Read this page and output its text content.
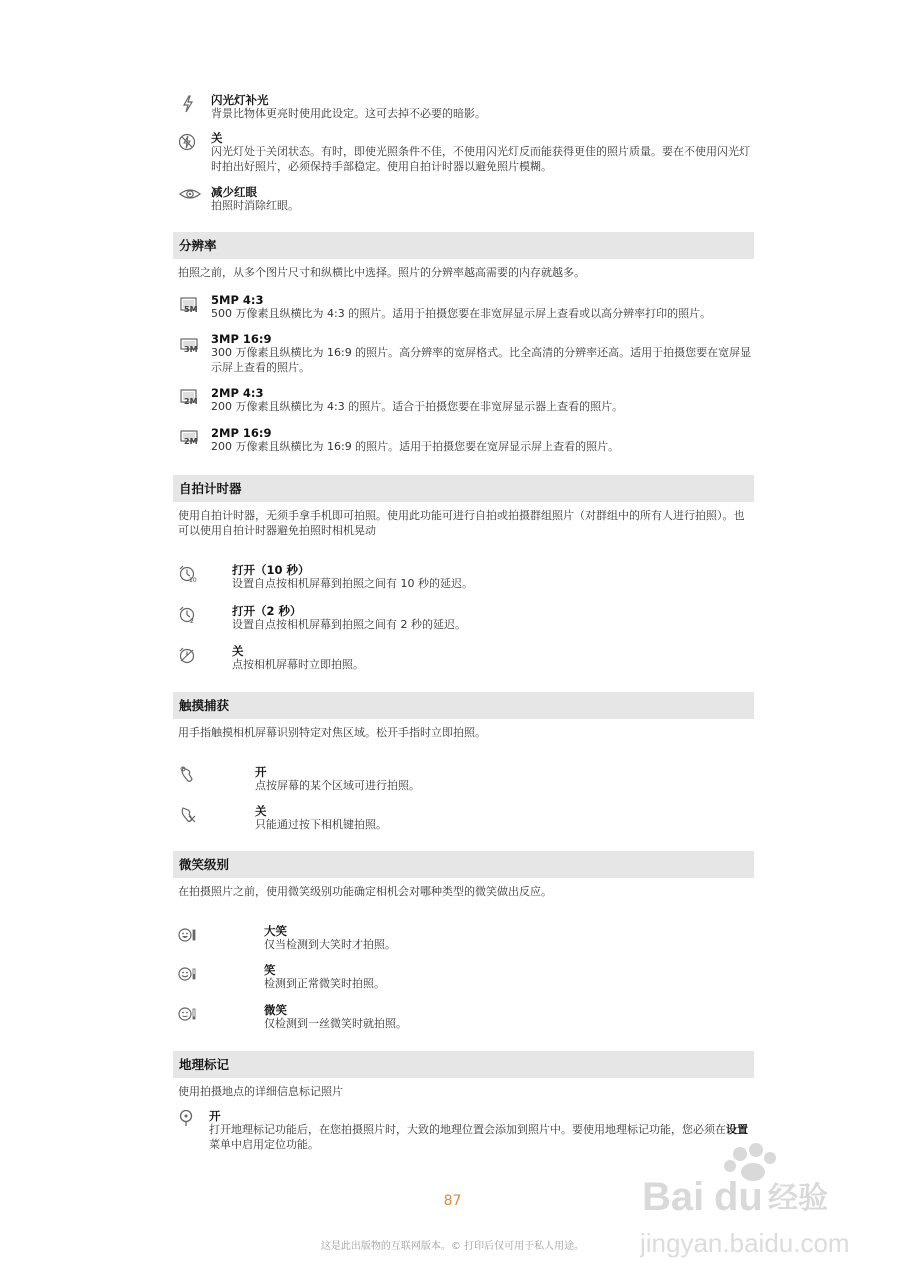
闪光灯补光
背景比物体更亮时使用此设定。这可去掉不必要的暗影。
关
闪光灯处于关闭状态。有时，即使光照条件不佳，不使用闪光灯反而能获得更佳的照片质量。要在不使用闪光灯时拍出好照片，必须保持手部稳定。使用自拍计时器以避免照片模糊。
减少红眼
拍照时消除红眼。
分辨率
拍照之前，从多个图片尺寸和纵横比中选择。照片的分辨率越高需要的内存就越多。
5M
5MP 4:3
500 万像素且纵横比为 4:3 的照片。适用于拍摄您要在非宽屏显示屏上查看或以高分辨率打印的照片。
3M
3MP 16:9
300 万像素且纵横比为 16:9 的照片。高分辨率的宽屏格式。比全高清的分辨率还高。适用于拍摄您要在宽屏显示屏上查看的照片。
2M
2MP 4:3
200 万像素且纵横比为 4:3 的照片。适合于拍摄您要在非宽屏显示器上查看的照片。
2M
2MP 16:9
200 万像素且纵横比为 16:9 的照片。适用于拍摄您要在宽屏显示屏上查看的照片。
自拍计时器
使用自拍计时器，无须手拿手机即可拍照。使用此功能可进行自拍或拍摄群组照片（对群组中的所有人进行拍照）。也可以使用自拍计时器避免拍照时相机晃动
10
打开（10 秒）
设置自点按相机屏幕到拍照之间有 10 秒的延迟。
2
打开（2 秒）
设置自点按相机屏幕到拍照之间有 2 秒的延迟。
关
点按相机屏幕时立即拍照。
触摸捕获
用手指触摸相机屏幕识别特定对焦区域。松开手指时立即拍照。
开
点按屏幕的某个区域可进行拍照。
关
只能通过按下相机键拍照。
微笑级别
在拍摄照片之前，使用微笑级别功能确定相机会对哪种类型的微笑做出反应。
大笑
仅当检测到大笑时才拍照。
笑
检测到正常微笑时拍照。
微笑
仅检测到一丝微笑时就拍照。
地理标记
使用拍摄地点的详细信息标记照片
开
打开地理标记功能后，在您拍摄照片时，大致的地理位置会添加到照片中。要使用地理标记功能，您必须在设置菜单中启用定位功能。
87
这是此出版物的互联网版本。© 打印后仅可用于私人用途。
Bai du 经验
jingyan.baidu.com
